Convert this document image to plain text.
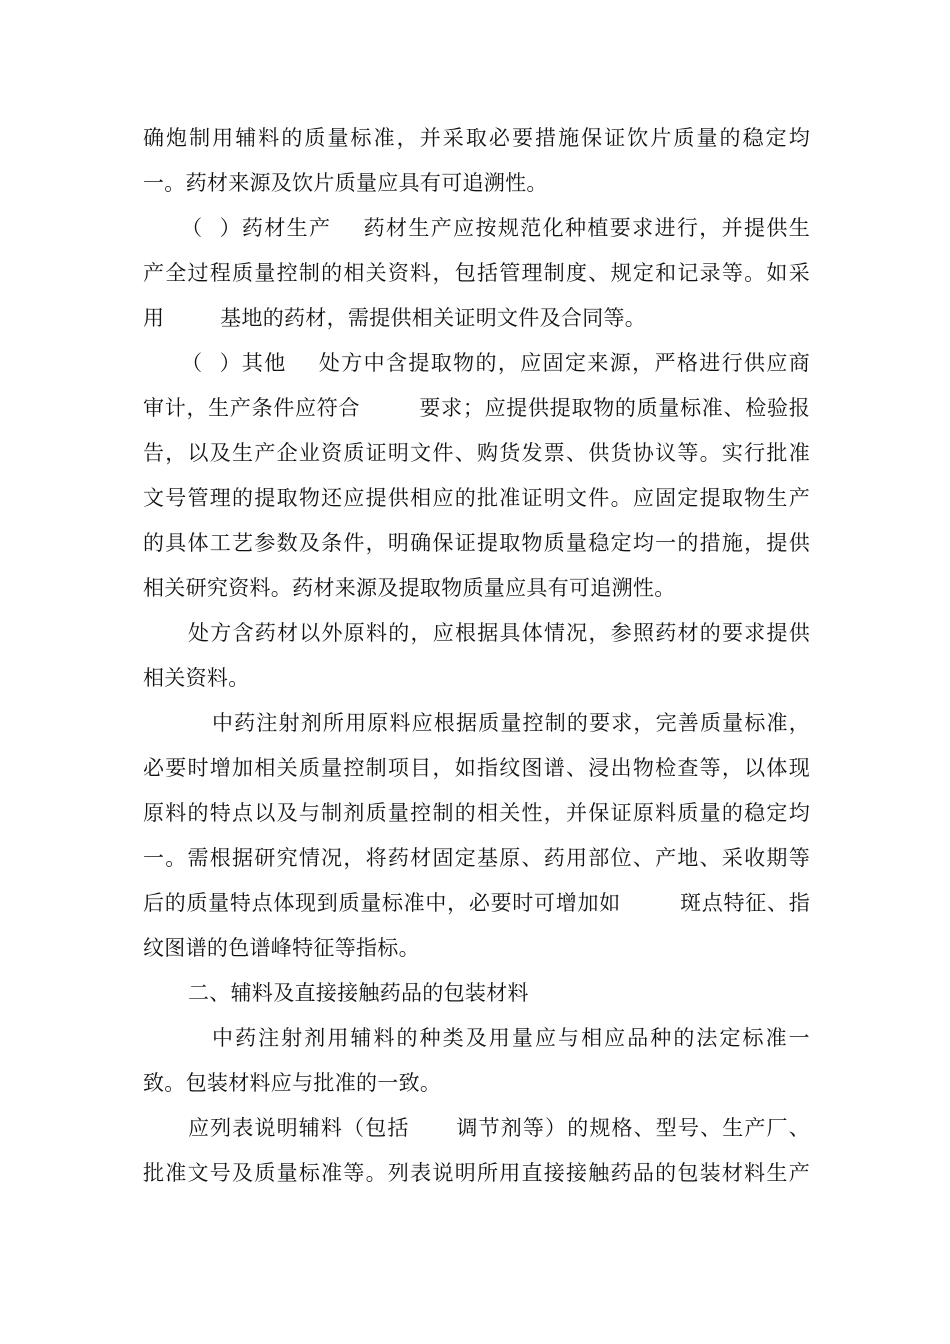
确炮制用辅料的质量标准，并采取必要措施保证饮片质量的稳定均
一。药材来源及饮片质量应具有可追溯性。
（  ）药材生产    药材生产应按规范化种植要求进行，并提供生
产全过程质量控制的相关资料，包括管理制度、规定和记录等。如采
用        基地的药材，需提供相关证明文件及合同等。
（  ）其他    处方中含提取物的，应固定来源，严格进行供应商
审计，生产条件应符合        要求；应提供提取物的质量标准、检验报
告，以及生产企业资质证明文件、购货发票、供货协议等。实行批准
文号管理的提取物还应提供相应的批准证明文件。应固定提取物生产
的具体工艺参数及条件，明确保证提取物质量稳定均一的措施，提供
相关研究资料。药材来源及提取物质量应具有可追溯性。
处方含药材以外原料的，应根据具体情况，参照药材的要求提供
相关资料。
中药注射剂所用原料应根据质量控制的要求，完善质量标准，
必要时增加相关质量控制项目，如指纹图谱、浸出物检查等，以体现
原料的特点以及与制剂质量控制的相关性，并保证原料质量的稳定均
一。需根据研究情况，将药材固定基原、药用部位、产地、采收期等
后的质量特点体现到质量标准中，必要时可增加如        斑点特征、指
纹图谱的色谱峰特征等指标。
二、辅料及直接接触药品的包装材料
中药注射剂用辅料的种类及用量应与相应品种的法定标准一
致。包装材料应与批准的一致。
应列表说明辅料（包括      调节剂等）的规格、型号、生产厂、
批准文号及质量标准等。列表说明所用直接接触药品的包装材料生产
